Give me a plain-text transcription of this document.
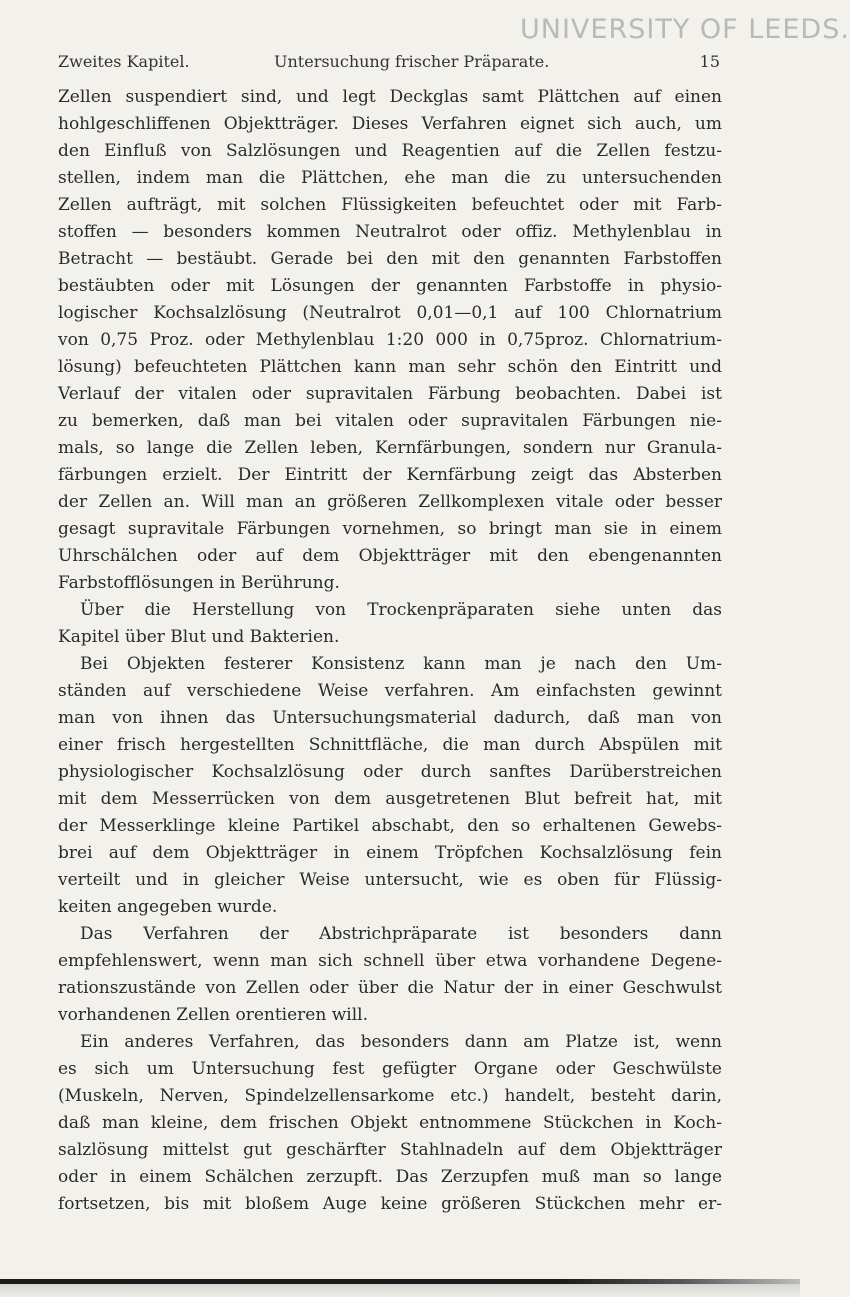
UNIVERSITY OF LEEDS.
Zweites Kapitel.	Untersuchung frischer Präparate.	15
Zellen suspendiert sind, und legt Deckglas samt Plättchen auf einen
hohlgeschliffenen Objektträger. Dieses Verfahren eignet sich auch, um
den Einfluß von Salzlösungen und Reagentien auf die Zellen festzu-
stellen, indem man die Plättchen, ehe man die zu untersuchenden
Zellen aufträgt, mit solchen Flüssigkeiten befeuchtet oder mit Farb-
stoffen — besonders kommen Neutralrot oder offiz. Methylenblau in
Betracht — bestäubt. Gerade bei den mit den genannten Farbstoffen
bestäubten oder mit Lösungen der genannten Farbstoffe in physio-
logischer Kochsalzlösung (Neutralrot 0,01—0,1 auf 100 Chlornatrium
von 0,75 Proz. oder Methylenblau 1:20 000 in 0,75proz. Chlornatrium-
lösung) befeuchteten Plättchen kann man sehr schön den Eintritt und
Verlauf der vitalen oder supravitalen Färbung beobachten. Dabei ist
zu bemerken, daß man bei vitalen oder supravitalen Färbungen nie-
mals, so lange die Zellen leben, Kernfärbungen, sondern nur Granula-
färbungen erzielt. Der Eintritt der Kernfärbung zeigt das Absterben
der Zellen an. Will man an größeren Zellkomplexen vitale oder besser
gesagt supravitale Färbungen vornehmen, so bringt man sie in einem
Uhrschälchen oder auf dem Objektträger mit den ebengenannten
Farbstofflösungen in Berührung.
Über die Herstellung von Trockenpräparaten siehe unten das
Kapitel über Blut und Bakterien.
Bei Objekten festerer Konsistenz kann man je nach den Um-
ständen auf verschiedene Weise verfahren. Am einfachsten gewinnt
man von ihnen das Untersuchungsmaterial dadurch, daß man von
einer frisch hergestellten Schnittfläche, die man durch Abspülen mit
physiologischer Kochsalzlösung oder durch sanftes Darüberstreichen
mit dem Messerrücken von dem ausgetretenen Blut befreit hat, mit
der Messerklinge kleine Partikel abschabt, den so erhaltenen Gewebs-
brei auf dem Objektträger in einem Tröpfchen Kochsalzlösung fein
verteilt und in gleicher Weise untersucht, wie es oben für Flüssig-
keiten angegeben wurde.
Das Verfahren der Abstrichpräparate ist besonders dann
empfehlenswert, wenn man sich schnell über etwa vorhandene Degene-
rationszustände von Zellen oder über die Natur der in einer Geschwulst
vorhandenen Zellen orentieren will.
Ein anderes Verfahren, das besonders dann am Platze ist, wenn
es sich um Untersuchung fest gefügter Organe oder Geschwülste
(Muskeln, Nerven, Spindelzellensarkome etc.) handelt, besteht darin,
daß man kleine, dem frischen Objekt entnommene Stückchen in Koch-
salzlösung mittelst gut geschärfter Stahlnadeln auf dem Objektträger
oder in einem Schälchen zerzupft. Das Zerzupfen muß man so lange
fortsetzen, bis mit bloßem Auge keine größeren Stückchen mehr er-
